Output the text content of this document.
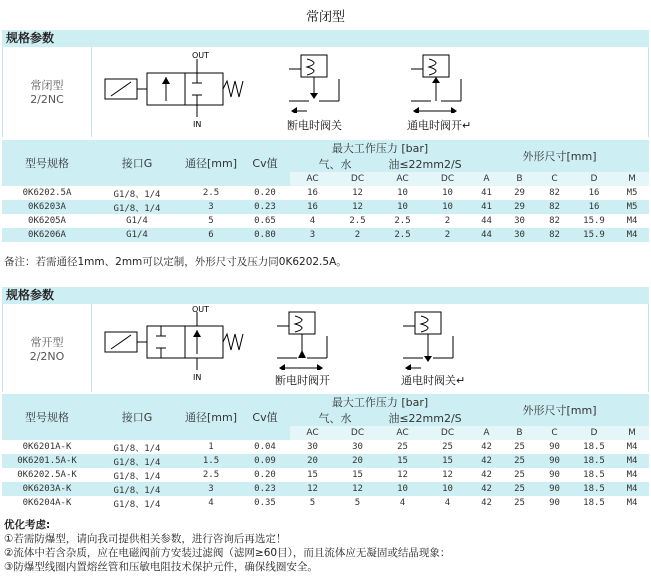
常闭型
规格参数
常闭型
2/2NC
OUT
IN	断电时阀关	通电时阀开↵
型号规格	接口G	通径[mm]	Cv值	最大工作压力 [bar]				外形尺寸[mm]				
				气、水		油≤22mm2/S						
				AC	DC	AC	DC	A	B	C	D	M
0K6202.5A	G1/8、1/4	2.5	0.20	16	12	10	10	41	29	82	16	M5
0K6203A	G1/8、1/4	3	0.23	16	12	10	10	41	29	82	16	M5
0K6205A	G1/4	5	0.65	4	2.5	2.5	2	44	30	82	15.9	M4
0K6206A	G1/4	6	0.80	3	2	2.5	2	44	30	82	15.9	M4
备注：若需通径1mm、2mm可以定制，外形尺寸及压力同0K6202.5A。
规格参数
常开型
2/2NO
OUT
IN	断电时阀开	通电时阀关↵
型号规格	接口G	通径[mm]	Cv值	最大工作压力 [bar]				外形尺寸[mm]				
				气、水		油≤22mm2/S						
				AC	DC	AC	DC	A	B	C	D	M
0K6201A-K	G1/8、1/4	1	0.04	30	30	25	25	42	25	90	18.5	M4
0K6201.5A-K	G1/8、1/4	1.5	0.09	20	20	15	15	42	25	90	18.5	M4
0K6202.5A-K	G1/8、1/4	2.5	0.20	15	15	12	12	42	25	90	18.5	M4
0K6203A-K	G1/8、1/4	3	0.23	12	12	10	10	42	25	90	18.5	M4
0K6204A-K	G1/8、1/4	4	0.35	5	5	4	4	42	25	90	18.5	M4
优化考虑:
①若需防爆型，请向我司提供相关参数，进行咨询后再选定！
②流体中若含杂质，应在电磁阀前方安装过滤阀（滤网≥60目），而且流体应无凝固或结晶现象：
③防爆型线圈内置熔丝管和压敏电阻技术保护元件，确保线圈安全。
